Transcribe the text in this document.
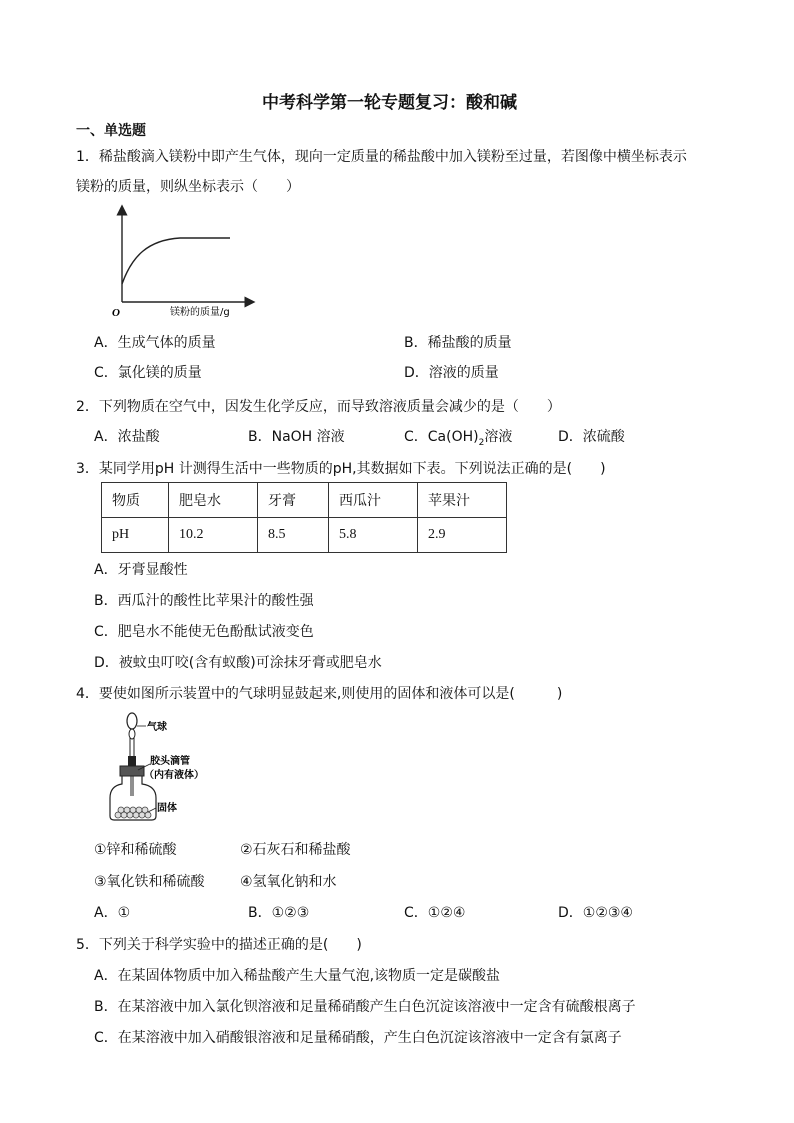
中考科学第一轮专题复习：酸和碱
一、单选题
1．稀盐酸滴入镁粉中即产生气体，现向一定质量的稀盐酸中加入镁粉至过量，若图像中横坐标表示
镁粉的质量，则纵坐标表示（　　）
O	镁粉的质量/g
A．生成气体的质量	B．稀盐酸的质量
C．氯化镁的质量	D．溶液的质量
2．下列物质在空气中，因发生化学反应，而导致溶液质量会减少的是（　　）
A．浓盐酸	B．NaOH 溶液	C．$Ca(OH)_2$溶液	D．浓硫酸
3．某同学用pH 计测得生活中一些物质的pH,其数据如下表。下列说法正确的是(　　)
物质	肥皂水	牙膏	西瓜汁	苹果汁
pH	10.2	8.5	5.8	2.9
A．牙膏显酸性
B．西瓜汁的酸性比苹果汁的酸性强
C．肥皂水不能使无色酚酞试液变色
D．被蚊虫叮咬(含有蚁酸)可涂抹牙膏或肥皂水
4．要使如图所示装置中的气球明显鼓起来,则使用的固体和液体可以是(　　　)
气球
胶头滴管
（内有液体）
固体
①锌和稀硫酸	②石灰石和稀盐酸
③氧化铁和稀硫酸	④氢氧化钠和水
A．①	B．①②③	C．①②④	D．①②③④
5．下列关于科学实验中的描述正确的是(　　)
A．在某固体物质中加入稀盐酸产生大量气泡,该物质一定是碳酸盐
B．在某溶液中加入氯化钡溶液和足量稀硝酸产生白色沉淀该溶液中一定含有硫酸根离子
C．在某溶液中加入硝酸银溶液和足量稀硝酸，产生白色沉淀该溶液中一定含有氯离子
